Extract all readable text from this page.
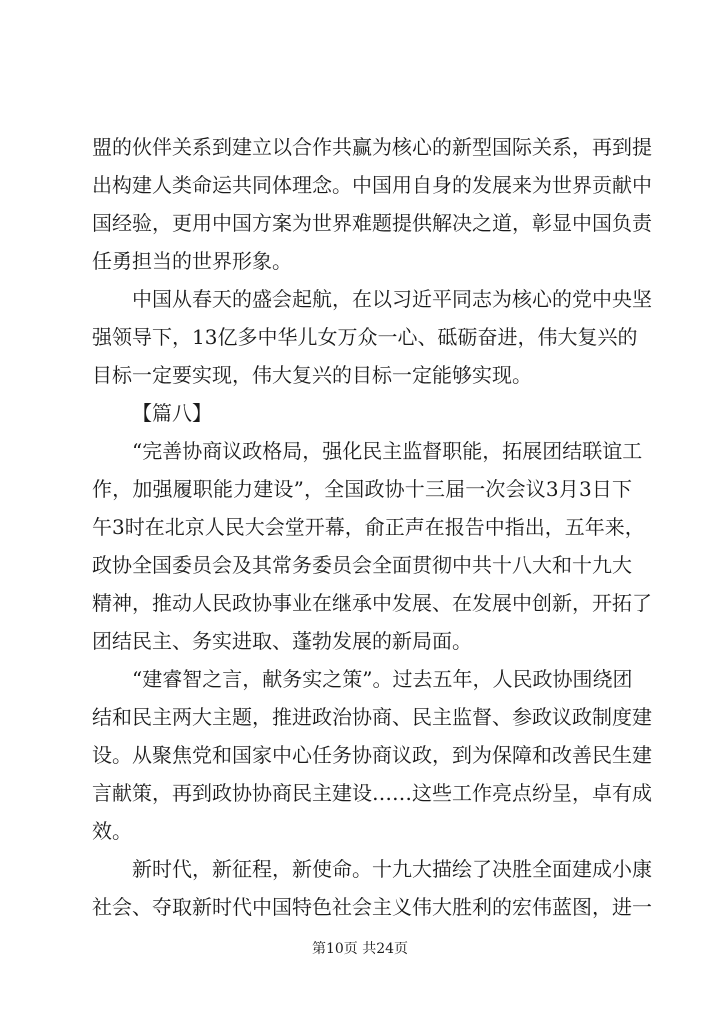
盟的伙伴关系到建立以合作共赢为核心的新型国际关系，再到提
出构建人类命运共同体理念。中国用自身的发展来为世界贡献中
国经验，更用中国方案为世界难题提供解决之道，彰显中国负责
任勇担当的世界形象。
中国从春天的盛会起航，在以习近平同志为核心的党中央坚
强领导下，13亿多中华儿女万众一心、砥砺奋进，伟大复兴的
目标一定要实现，伟大复兴的目标一定能够实现。
【篇八】
“完善协商议政格局，强化民主监督职能，拓展团结联谊工
作，加强履职能力建设”，全国政协十三届一次会议3月3日下
午3时在北京人民大会堂开幕，俞正声在报告中指出，五年来，
政协全国委员会及其常务委员会全面贯彻中共十八大和十九大
精神，推动人民政协事业在继承中发展、在发展中创新，开拓了
团结民主、务实进取、蓬勃发展的新局面。
“建睿智之言，献务实之策”。过去五年，人民政协围绕团
结和民主两大主题，推进政治协商、民主监督、参政议政制度建
设。从聚焦党和国家中心任务协商议政，到为保障和改善民生建
言献策，再到政协协商民主建设……这些工作亮点纷呈，卓有成
效。
新时代，新征程，新使命。十九大描绘了决胜全面建成小康
社会、夺取新时代中国特色社会主义伟大胜利的宏伟蓝图，进一
第10页 共24页
